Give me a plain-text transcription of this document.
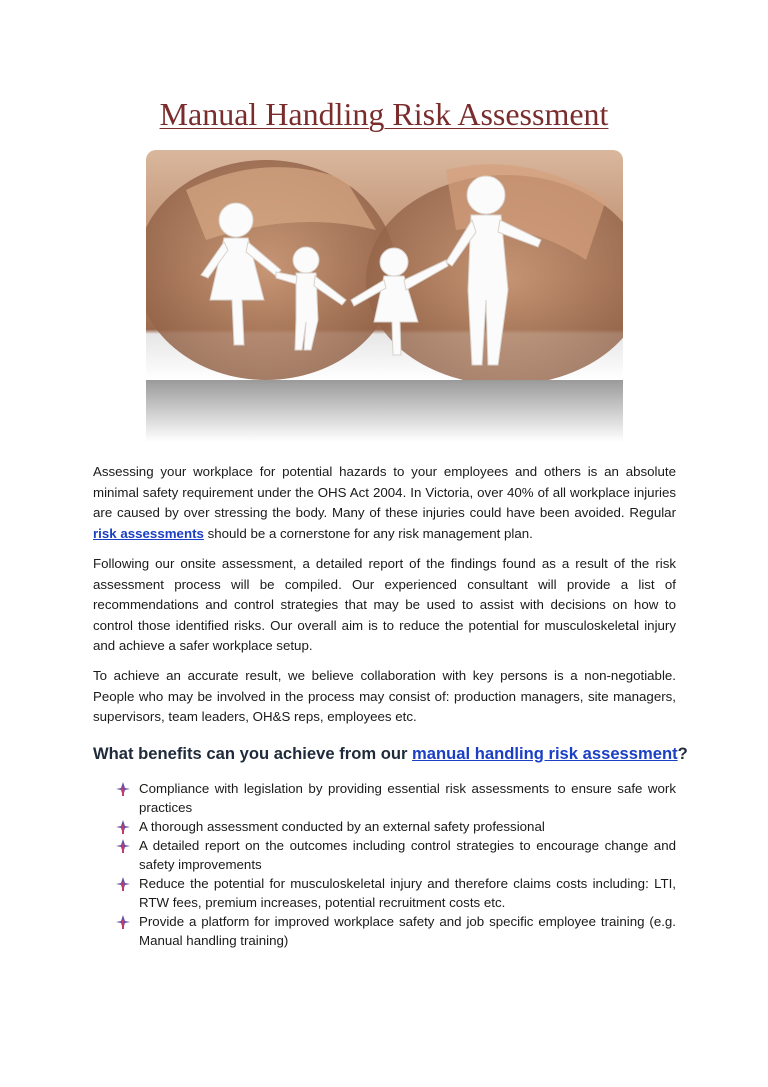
Manual Handling Risk Assessment

Assessing your workplace for potential hazards to your employees and others is an absolute minimal safety requirement under the OHS Act 2004. In Victoria, over 40% of all workplace injuries are caused by over stressing the body. Many of these injuries could have been avoided. Regular risk assessments should be a cornerstone for any risk management plan.

Following our onsite assessment, a detailed report of the findings found as a result of the risk assessment process will be compiled. Our experienced consultant will provide a list of recommendations and control strategies that may be used to assist with decisions on how to control those identified risks. Our overall aim is to reduce the potential for musculoskeletal injury and achieve a safer workplace setup.

To achieve an accurate result, we believe collaboration with key persons is a non-negotiable. People who may be involved in the process may consist of: production managers, site managers, supervisors, team leaders, OH&S reps, employees etc.

What benefits can you achieve from our manual handling risk assessment?
Compliance with legislation by providing essential risk assessments to ensure safe work practices
A thorough assessment conducted by an external safety professional
A detailed report on the outcomes including control strategies to encourage change and safety improvements
Reduce the potential for musculoskeletal injury and therefore claims costs including: LTI, RTW fees, premium increases, potential recruitment costs etc.
Provide a platform for improved workplace safety and job specific employee training (e.g. Manual handling training)
